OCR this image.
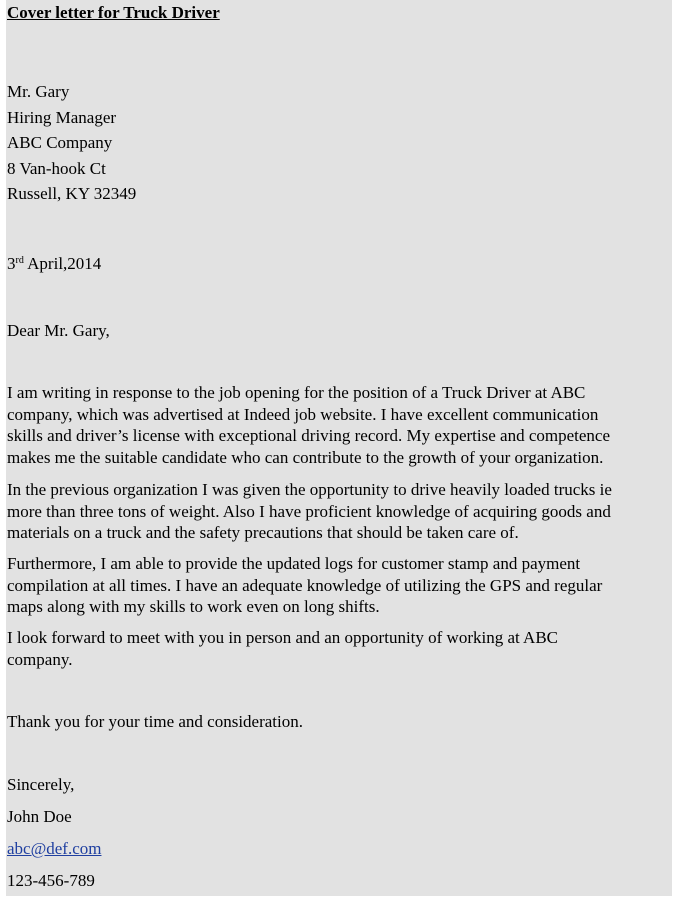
Cover letter for Truck Driver
Mr. Gary
Hiring Manager
ABC Company
8 Van-hook Ct
Russell, KY 32349
3rd April,2014
Dear Mr. Gary,
I am writing in response to the job opening for the position of a Truck Driver at ABC
company, which was advertised at Indeed job website. I have excellent communication
skills and driver’s license with exceptional driving record. My expertise and competence
makes me the suitable candidate who can contribute to the growth of your organization.
In the previous organization I was given the opportunity to drive heavily loaded trucks ie
more than three tons of weight. Also I have proficient knowledge of acquiring goods and
materials on a truck and the safety precautions that should be taken care of.
Furthermore, I am able to provide the updated logs for customer stamp and payment
compilation at all times. I have an adequate knowledge of utilizing the GPS and regular
maps along with my skills to work even on long shifts.
I look forward to meet with you in person and an opportunity of working at ABC
company.
Thank you for your time and consideration.
Sincerely,
John Doe
abc@def.com
123-456-789
